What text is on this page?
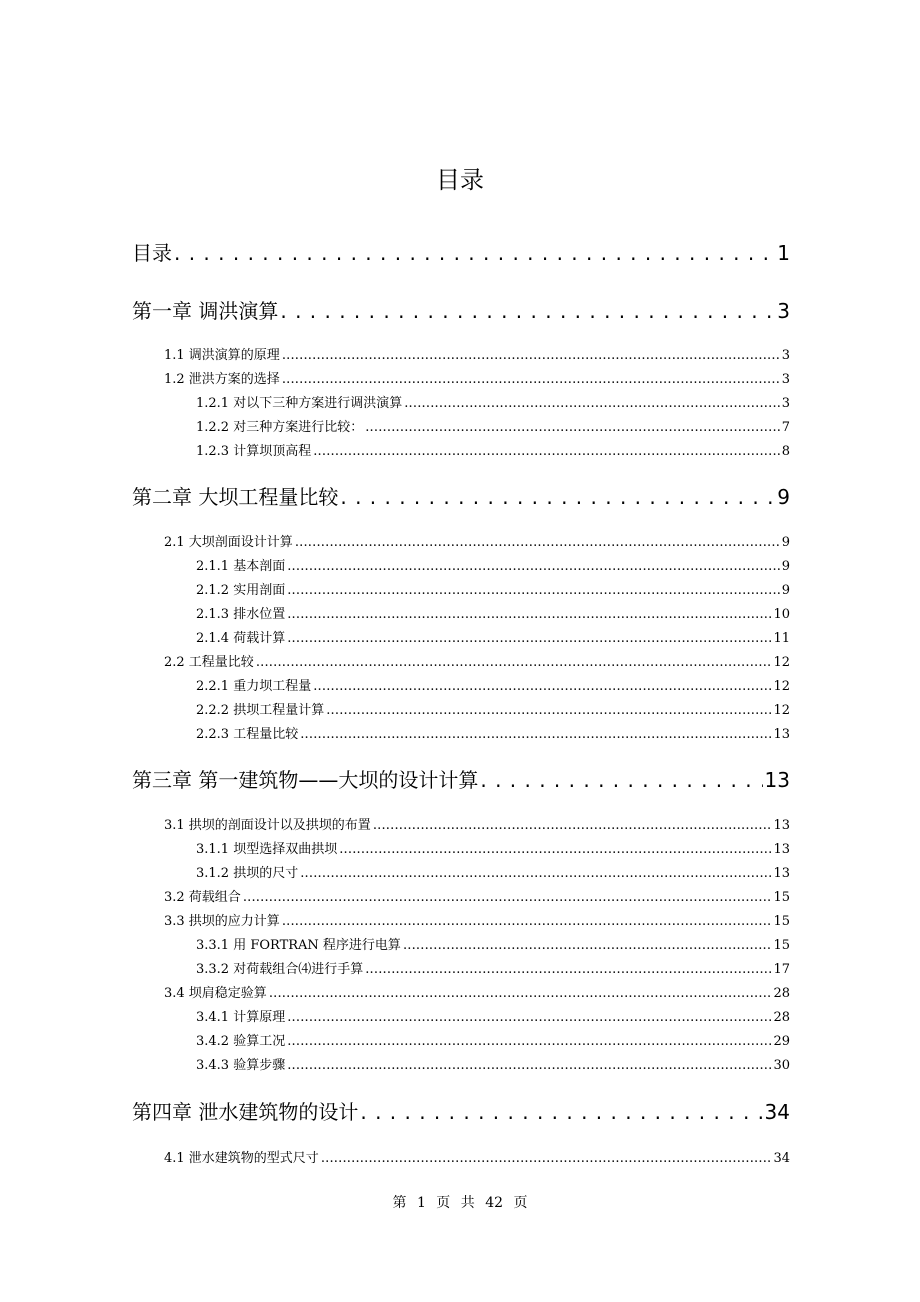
目录
目录 . . .	1
第一章 调洪演算 . . .	3
1.1 调洪演算的原理 .....	3
1.2 泄洪方案的选择 .....	3
1.2.1 对以下三种方案进行调洪演算 .....	3
1.2.2 对三种方案进行比较： .....	7
1.2.3 计算坝顶高程 .....	8
第二章 大坝工程量比较 . . .	9
2.1 大坝剖面设计计算 .....	9
2.1.1 基本剖面 .....	9
2.1.2 实用剖面 .....	9
2.1.3 排水位置 .....	10
2.1.4 荷载计算 .....	11
2.2 工程量比较 .....	12
2.2.1 重力坝工程量 .....	12
2.2.2 拱坝工程量计算 .....	12
2.2.3 工程量比较 .....	13
第三章 第一建筑物——大坝的设计计算 . . .	13
3.1 拱坝的剖面设计以及拱坝的布置 .....	13
3.1.1 坝型选择双曲拱坝 .....	13
3.1.2 拱坝的尺寸 .....	13
3.2 荷载组合 .....	15
3.3 拱坝的应力计算 .....	15
3.3.1 用 FORTRAN 程序进行电算 .....	15
3.3.2 对荷载组合⑷进行手算 .....	17
3.4 坝肩稳定验算 .....	28
3.4.1 计算原理 .....	28
3.4.2 验算工况 .....	29
3.4.3 验算步骤 .....	30
第四章 泄水建筑物的设计 . . .	34
4.1 泄水建筑物的型式尺寸 .....	34
第 1 页 共 42 页
